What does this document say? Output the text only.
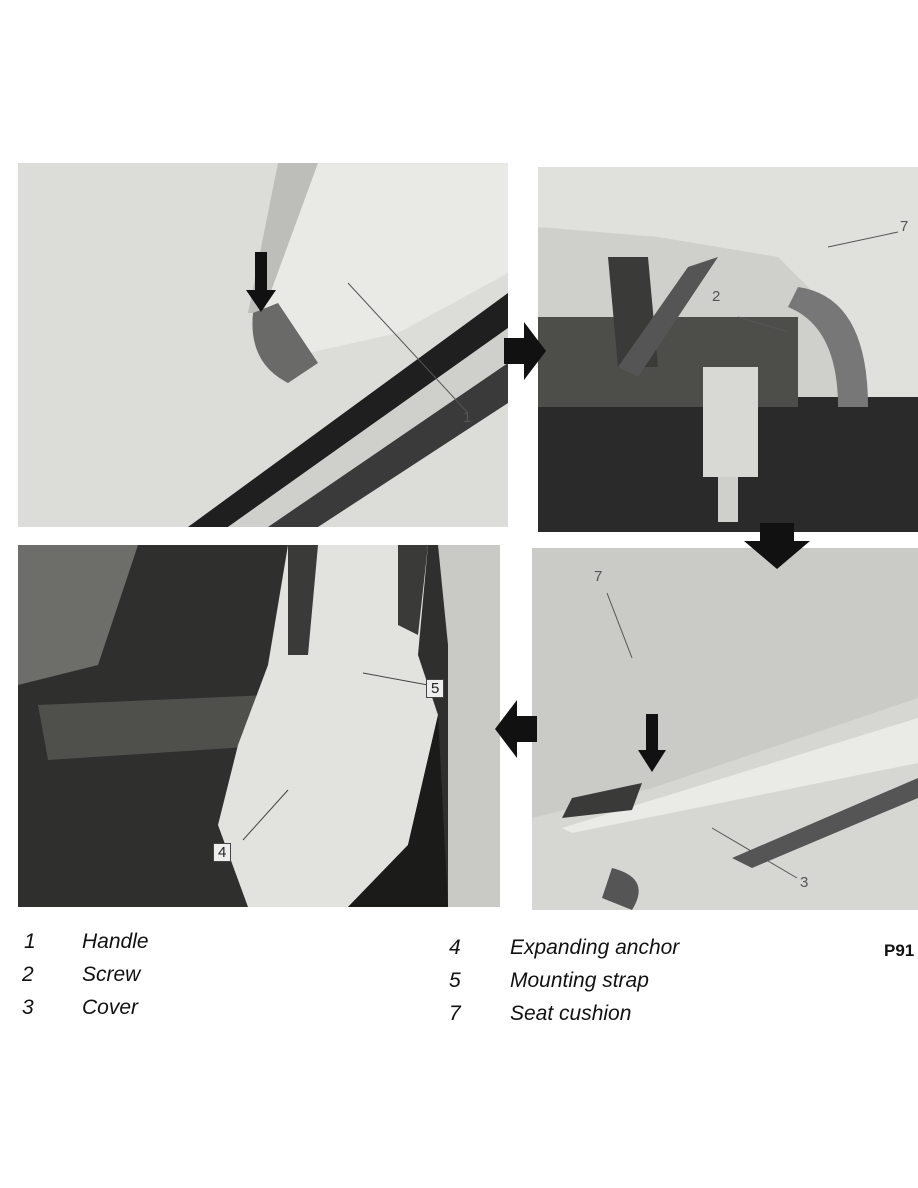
1
2
7
5
4
7
3
1 Handle
2 Screw
3 Cover
4 Expanding anchor
5 Mounting strap
7 Seat cushion
P91
